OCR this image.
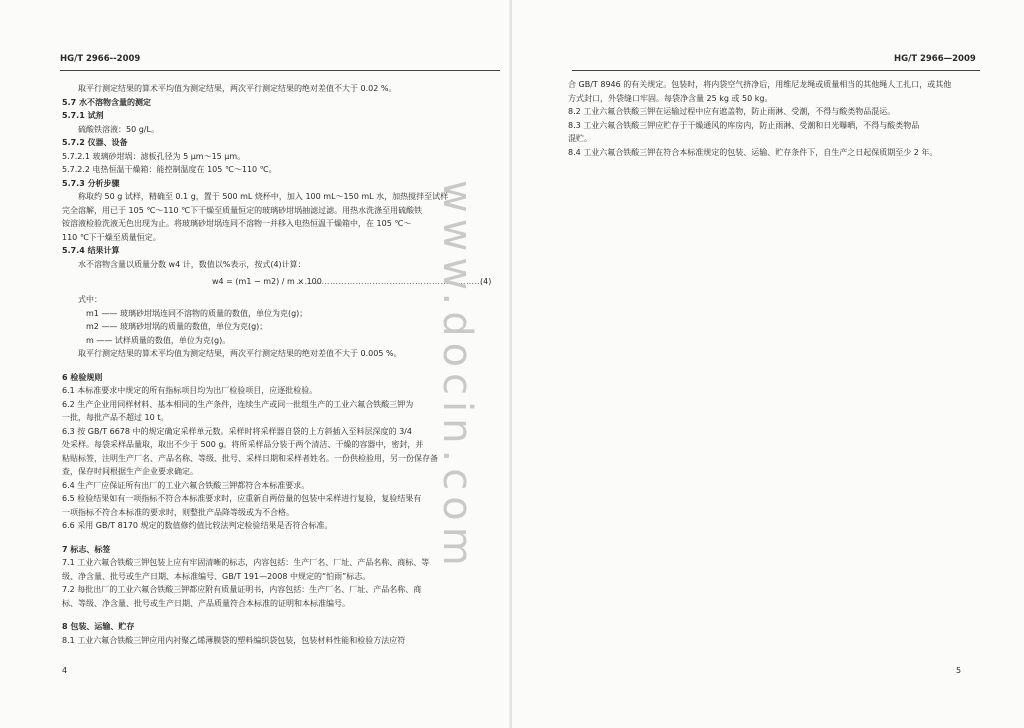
HG/T 2966--2009

取平行测定结果的算术平均值为测定结果，两次平行测定结果的绝对差值不大于 0.02 %。

5.7 水不溶物含量的测定

5.7.1 试剂

硫酸铁溶液：50 g/L。

5.7.2 仪器、设备

5.7.2.1 玻璃砂坩埚：滤板孔径为 5 μm～15 μm。

5.7.2.2 电热恒温干燥箱：能控制温度在 105 ℃～110 ℃。

5.7.3 分析步骤

称取约 50 g 试样，精确至 0.1 g，置于 500 mL 烧杯中，加入 100 mL～150 mL 水，加热搅拌至试样

完全溶解，用已于 105 ℃～110 ℃下干燥至质量恒定的玻璃砂坩埚抽滤过滤。用热水洗涤至用硫酸铁

铵溶液检验洗液无色出现为止。将玻璃砂坩埚连同不溶物一并移入电热恒温干燥箱中，在 105 ℃～

110 ℃下干燥至质量恒定。

5.7.4 结果计算

水不溶物含量以质量分数 w4 计，数值以%表示，按式(4)计算：

w4 = (m1 − m2) / m × 100
…………………………………………………………
(4)

式中：

m1 —— 玻璃砂坩埚连同不溶物的质量的数值，单位为克(g)；

m2 —— 玻璃砂坩埚的质量的数值，单位为克(g)；

m —— 试样质量的数值，单位为克(g)。

取平行测定结果的算术平均值为测定结果，两次平行测定结果的绝对差值不大于 0.005 %。

6 检验规则

6.1 本标准要求中规定的所有指标项目均为出厂检验项目，应逐批检验。

6.2 生产企业用同样材料、基本相同的生产条件，连续生产或同一批组生产的工业六氟合铁酸三钾为

一批，每批产品不超过 10 t。

6.3 按 GB/T 6678 中的规定确定采样单元数。采样时将采样器自袋的上方斜插入至料层深度的 3/4

处采样。每袋采样品量取，取出不少于 500 g。将所采样品分装于两个清洁、干燥的容器中，密封，并

粘贴标签，注明生产厂名、产品名称、等级、批号、采样日期和采样者姓名。一份供检验用，另一份保存备

查，保存时间根据生产企业要求确定。

6.4 生产厂应保证所有出厂的工业六氟合铁酸三钾都符合本标准要求。

6.5 检验结果如有一项指标不符合本标准要求时，应重新自两倍量的包装中采样进行复验，复验结果有

一项指标不符合本标准的要求时，则整批产品降等级或为不合格。

6.6 采用 GB/T 8170 规定的数值修约值比较法判定检验结果是否符合标准。

7 标志、标签

7.1 工业六氟合铁酸三钾包装上应有牢固清晰的标志，内容包括：生产厂名、厂址、产品名称、商标、等

级、净含量、批号或生产日期、本标准编号、GB/T 191—2008 中规定的“怕雨”标志。

7.2 每批出厂的工业六氟合铁酸三钾都应附有质量证明书，内容包括：生产厂名、厂址、产品名称、商

标、等级、净含量、批号或生产日期、产品质量符合本标准的证明和本标准编号。

8 包装、运输、贮存

8.1 工业六氟合铁酸三钾应用内衬聚乙烯薄膜袋的塑料编织袋包装，包装材料性能和检验方法应符

4
HG/T 2966—2009

合 GB/T 8946 的有关规定。包装时，将内袋空气挤净后，用维尼龙绳或质量相当的其他绳人工扎口，或其他

方式封口，外袋缝口牢固。每袋净含量 25 kg 或 50 kg。

8.2 工业六氟合铁酸三钾在运输过程中应有遮盖物，防止雨淋、受潮，不得与酸类物品混运。

8.3 工业六氟合铁酸三钾应贮存于干燥通风的库房内，防止雨淋、受潮和日光曝晒，不得与酸类物品

混贮。

8.4 工业六氟合铁酸三钾在符合本标准规定的包装、运输、贮存条件下，自生产之日起保质期至少 2 年。

5
www.docin.com
